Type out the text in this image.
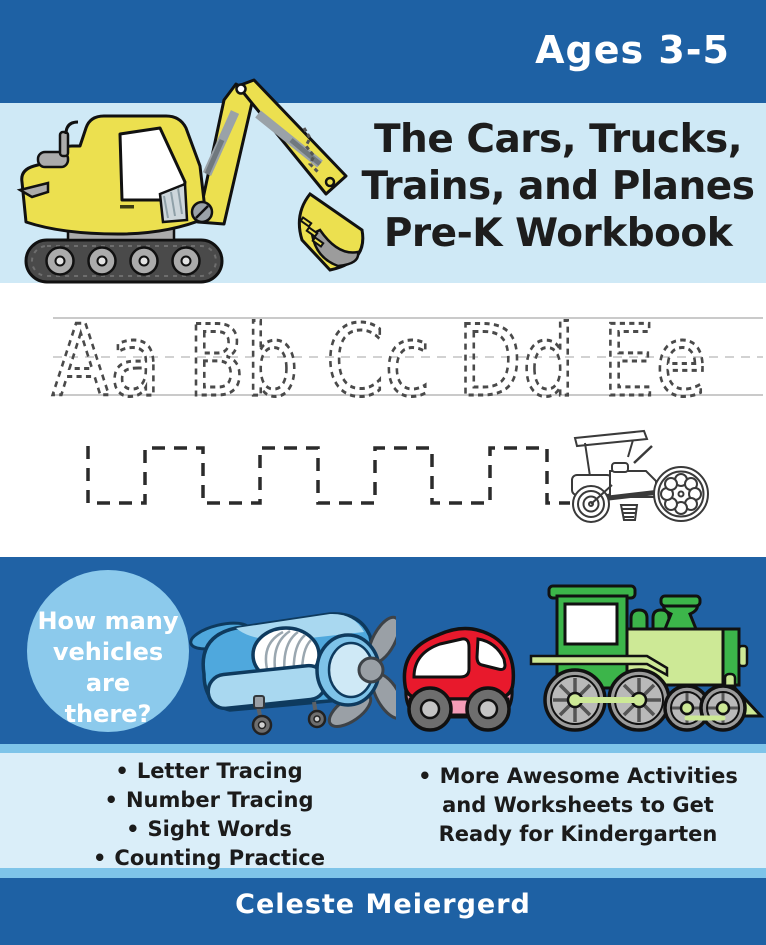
Ages 3-5
The Cars, Trucks,
Trains, and Planes
Pre-K Workbook
Aa Bb Cc Dd Ee
How many
vehicles are
there?
• Letter Tracing
• Number Tracing
• Sight Words
• Counting Practice
• More Awesome Activities
and Worksheets to Get
Ready for Kindergarten
Celeste Meiergerd
